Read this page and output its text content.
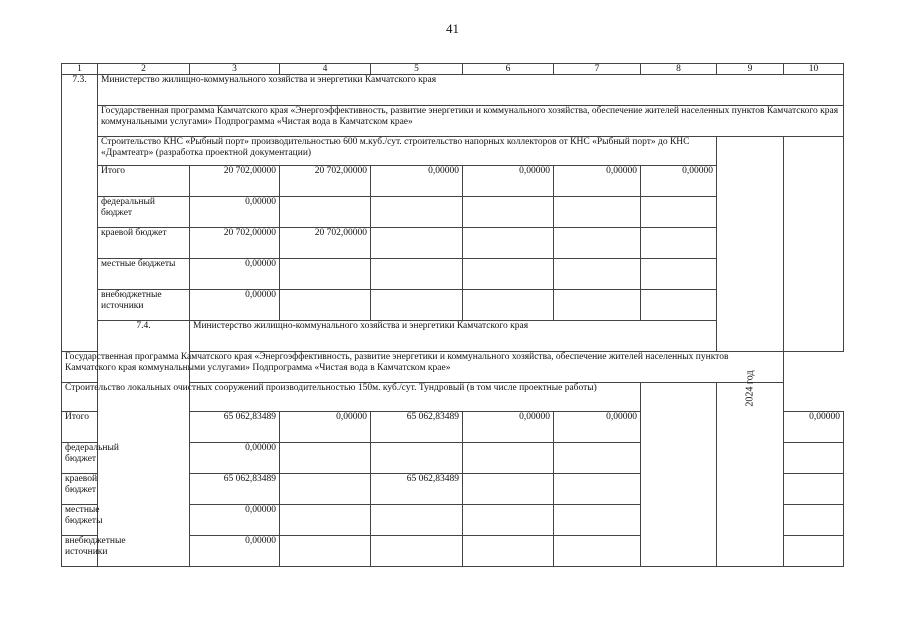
41
1	2	3	4	5	6	7	8	9	10
7.3.	Министерство жилищно-коммунального хозяйства и энергетики Камчатского края								
	Государственная программа Камчатского края «Энергоэффективность, развитие энергетики и коммунального хозяйства, обеспечение жителей населенных пунктов Камчатского края коммунальными услугами» Подпрограмма «Чистая вода в Камчатском крае»								
	Строительство КНС «Рыбный порт» производительностью 600 м.куб./сут. строительство напорных коллекторов от КНС «Рыбный порт» до КНС «Драмтеатр» (разработка проектной документации)								
	Итого	20 702,00000	20 702,00000	0,00000	0,00000	0,00000	0,00000		
	федеральный бюджет	0,00000							
	краевой бюджет	20 702,00000	20 702,00000						
	местные бюджеты	0,00000							
	внебюджетные источники	0,00000							
	7.4.	Министерство жилищно-коммунального хозяйства и энергетики Камчатского края							
Государственная программа Камчатского края «Энергоэффективность, развитие энергетики и коммунального хозяйства, обеспечение жителей населенных пунктов Камчатского края коммунальными услугами» Подпрограмма «Чистая вода в Камчатском крае»									
Строительство локальных очистных сооружений производительностью 150м. куб./сут. Тундровый (в том числе проектные работы)								2024 год	
Итого		65 062,83489	0,00000	65 062,83489	0,00000	0,00000			0,00000
федеральный бюджет		0,00000							
краевой бюджет		65 062,83489		65 062,83489					
местные бюджеты		0,00000							
внебюджетные источники		0,00000							
